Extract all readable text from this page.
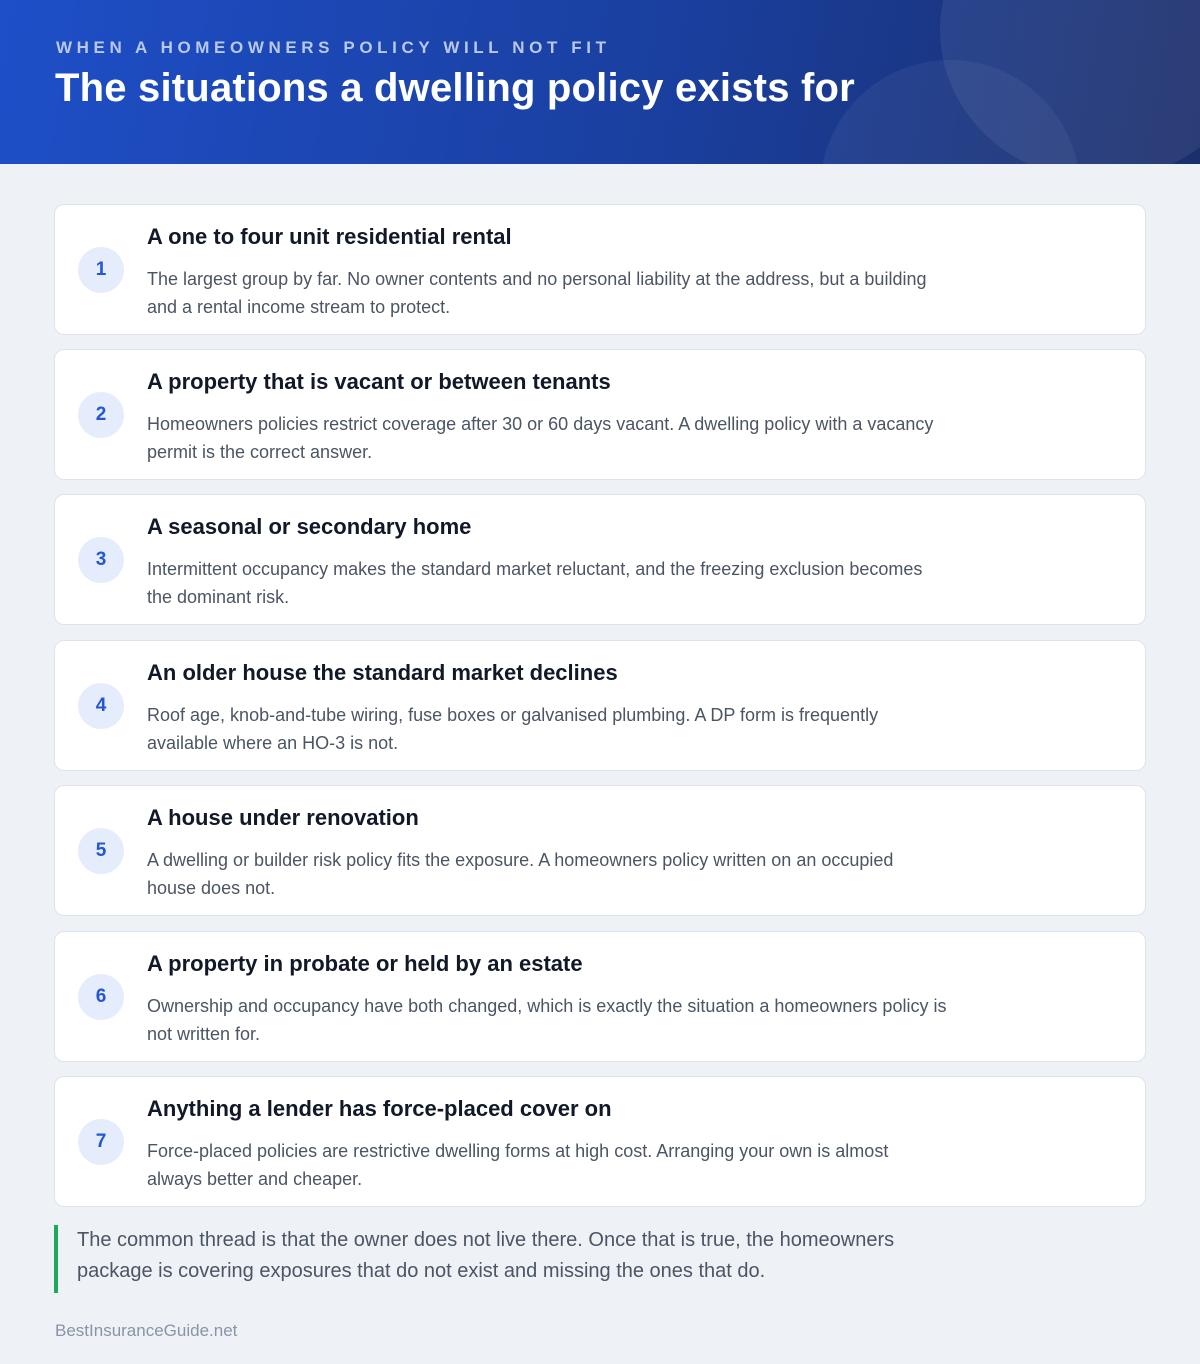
WHEN A HOMEOWNERS POLICY WILL NOT FIT
The situations a dwelling policy exists for
1
A one to four unit residential rental
The largest group by far. No owner contents and no personal liability at the address, but a building and a rental income stream to protect.
2
A property that is vacant or between tenants
Homeowners policies restrict coverage after 30 or 60 days vacant. A dwelling policy with a vacancy permit is the correct answer.
3
A seasonal or secondary home
Intermittent occupancy makes the standard market reluctant, and the freezing exclusion becomes the dominant risk.
4
An older house the standard market declines
Roof age, knob-and-tube wiring, fuse boxes or galvanised plumbing. A DP form is frequently available where an HO-3 is not.
5
A house under renovation
A dwelling or builder risk policy fits the exposure. A homeowners policy written on an occupied house does not.
6
A property in probate or held by an estate
Ownership and occupancy have both changed, which is exactly the situation a homeowners policy is not written for.
7
Anything a lender has force-placed cover on
Force-placed policies are restrictive dwelling forms at high cost. Arranging your own is almost always better and cheaper.
The common thread is that the owner does not live there. Once that is true, the homeowners package is covering exposures that do not exist and missing the ones that do.
BestInsuranceGuide.net
